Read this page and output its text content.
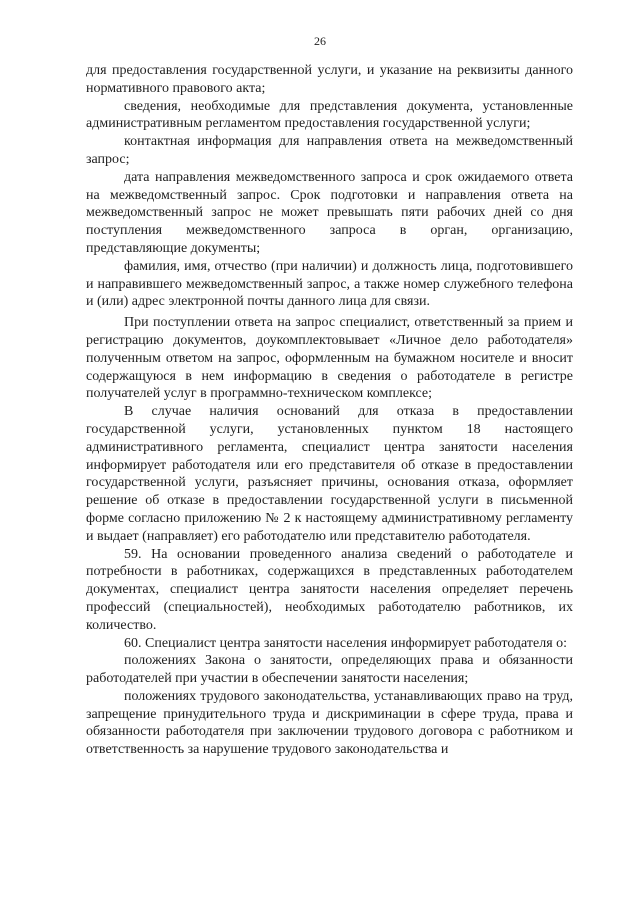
26

для предоставления государственной услуги, и указание на реквизиты данного нормативного правового акта;

сведения, необходимые для представления документа, установленные административным регламентом предоставления государственной услуги;

контактная информация для направления ответа на межведомственный запрос;

дата направления межведомственного запроса и срок ожидаемого ответа на межведомственный запрос. Срок подготовки и направления ответа на межведомственный запрос не может превышать пяти рабочих дней со дня поступления межведомственного запроса в орган, организацию, представляющие документы;

фамилия, имя, отчество (при наличии) и должность лица, подготовившего и направившего межведомственный запрос, а также номер служебного телефона и (или) адрес электронной почты данного лица для связи.

При поступлении ответа на запрос специалист, ответственный за прием и регистрацию документов, доукомплектовывает «Личное дело работодателя» полученным ответом на запрос, оформленным на бумажном носителе и вносит содержащуюся в нем информацию в сведения о работодателе в регистре получателей услуг в программно-техническом комплексе;

В случае наличия оснований для отказа в предоставлении государственной услуги, установленных пунктом 18 настоящего административного регламента, специалист центра занятости населения информирует работодателя или его представителя об отказе в предоставлении государственной услуги, разъясняет причины, основания отказа, оформляет решение об отказе в предоставлении государственной услуги в письменной форме согласно приложению № 2 к настоящему административному регламенту и выдает (направляет) его работодателю или представителю работодателя.

59. На основании проведенного анализа сведений о работодателе и потребности в работниках, содержащихся в представленных работодателем документах, специалист центра занятости населения определяет перечень профессий (специальностей), необходимых работодателю работников, их количество.

60. Специалист центра занятости населения информирует работодателя о:

положениях Закона о занятости, определяющих права и обязанности работодателей при участии в обеспечении занятости населения;

положениях трудового законодательства, устанавливающих право на труд, запрещение принудительного труда и дискриминации в сфере труда, права и обязанности работодателя при заключении трудового договора с работником и ответственность за нарушение трудового законодательства и
